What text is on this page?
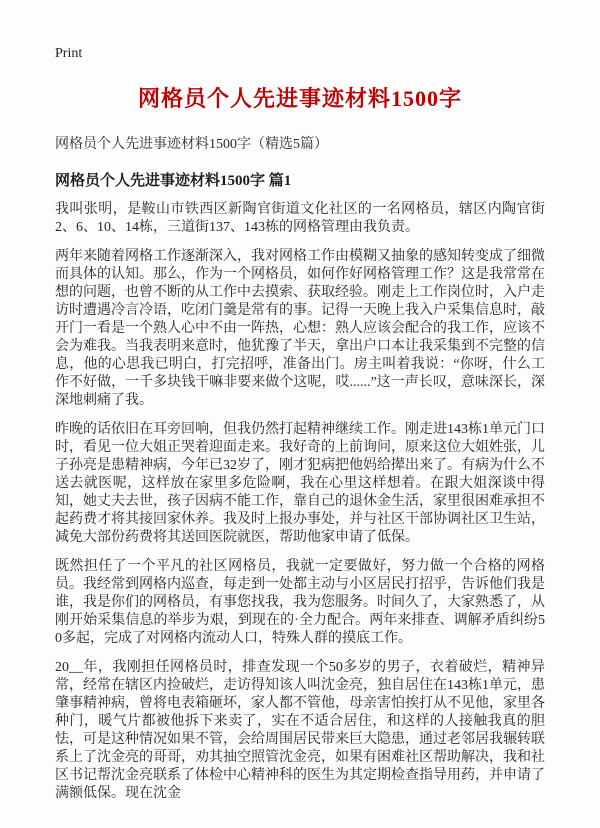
Print
网格员个人先进事迹材料1500字
网格员个人先进事迹材料1500字（精选5篇）
网格员个人先进事迹材料1500字 篇1

我叫张明，是鞍山市铁西区新陶官街道文化社区的一名网格员，辖区内陶官街2、6、10、14栋，三道街137、143栋的网格管理由我负责。

两年来随着网格工作逐渐深入，我对网格工作由模糊又抽象的感知转变成了细微而具体的认知。那么，作为一个网格员，如何作好网格管理工作？这是我常常在想的问题，也曾不断的从工作中去摸索、获取经验。刚走上工作岗位时，入户走访时遭遇冷言冷语，吃闭门羹是常有的事。记得一天晚上我入户采集信息时，敲开门一看是一个熟人心中不由一阵热，心想：熟人应该会配合的我工作，应该不会为难我。当我表明来意时，他犹豫了半天，拿出户口本让我采集到不完整的信息，他的心思我已明白，打完招呼，准备出门。房主叫着我说：“你呀，什么工作不好做，一千多块钱干嘛非要来做个这呢，哎......”这一声长叹，意味深长，深深地刺痛了我。

昨晚的话依旧在耳旁回响，但我仍然打起精神继续工作。刚走进143栋1单元门口时，看见一位大姐正哭着迎面走来。我好奇的上前询问，原来这位大姐姓张，儿子孙亮是患精神病，今年已32岁了，刚才犯病把他妈给撵出来了。有病为什么不送去就医呢，这样放在家里多危险啊，我在心里这样想着。在跟大姐深谈中得知，她丈夫去世，孩子因病不能工作，靠自己的退休金生活，家里很困难承担不起药费才将其接回家休养。我及时上报办事处，并与社区干部协调社区卫生站，减免大部份药费将其送回医院就医，帮助他家申请了低保。

既然担任了一个平凡的社区网格员，我就一定要做好，努力做一个合格的网格员。我经常到网格内巡查，每走到一处都主动与小区居民打招乎，告诉他们我是谁，我是你们的网格员，有事您找我，我为您服务。时间久了，大家熟悉了，从刚开始采集信息的举步为艰，到现在的·全力配合。两年来排查、调解矛盾纠纷50多起，完成了对网格内流动人口，特殊人群的摸底工作。

20__年，我刚担任网格员时，排查发现一个50多岁的男子，衣着破烂，精神异常，经常在辖区内捡破烂，走访得知该人叫沈金亮，独自居住在143栋1单元，患肇事精神病，曾将电表箱砸坏，家人都不管他，母亲害怕挨打从不见他，家里各种门，暖气片都被他拆下来卖了，实在不适合居住，和这样的人接触我真的胆怯，可是这种情况如果不管，会给周围居民带来巨大隐患，通过老邻居我辗转联系上了沈金亮的哥哥，劝其抽空照管沈金亮，如果有困难社区帮助解决，我和社区书记帮沈金亮联系了体检中心精神科的医生为其定期检查指导用药，并申请了满额低保。现在沈金
